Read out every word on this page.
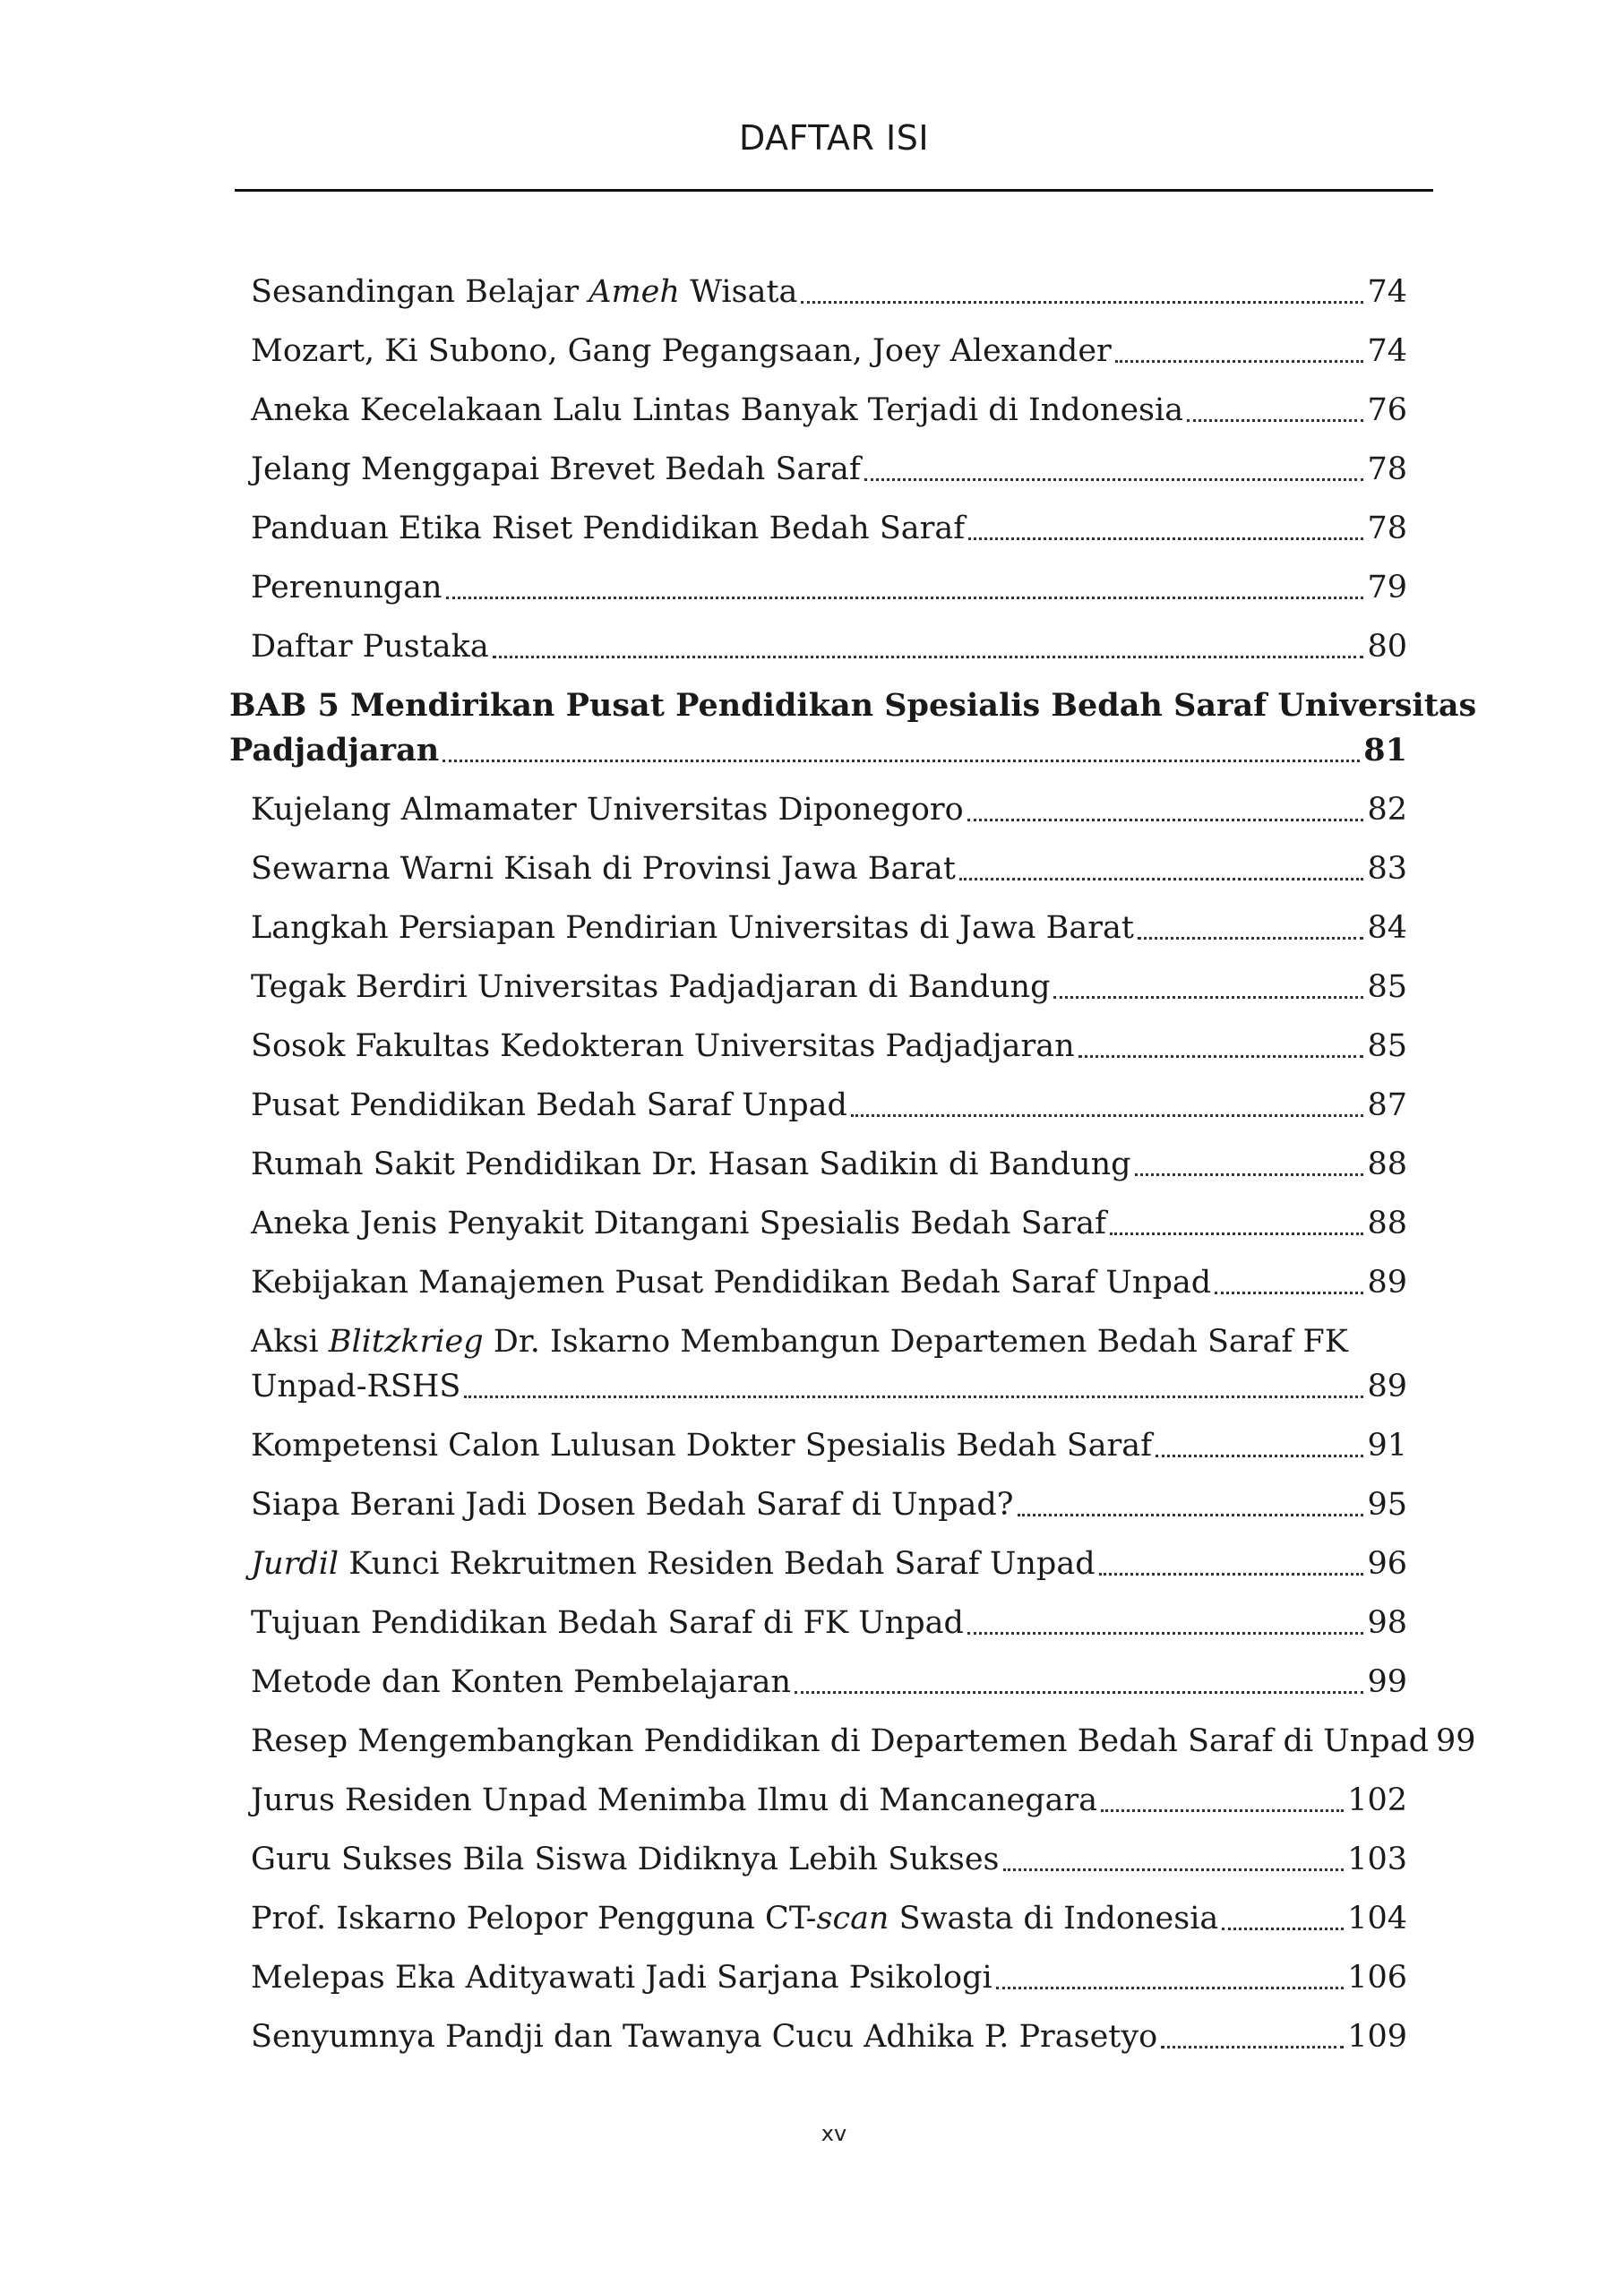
DAFTAR ISI
Sesandingan Belajar Ameh Wisata	74
Mozart, Ki Subono, Gang Pegangsaan, Joey Alexander	74
Aneka Kecelakaan Lalu Lintas Banyak Terjadi di Indonesia	76
Jelang Menggapai Brevet Bedah Saraf	78
Panduan Etika Riset Pendidikan Bedah Saraf	78
Perenungan	79
Daftar Pustaka	80
BAB 5 Mendirikan Pusat Pendidikan Spesialis Bedah Saraf Universitas
Padjadjaran	81
Kujelang Almamater Universitas Diponegoro	82
Sewarna Warni Kisah di Provinsi Jawa Barat	83
Langkah Persiapan Pendirian Universitas di Jawa Barat	84
Tegak Berdiri Universitas Padjadjaran di Bandung	85
Sosok Fakultas Kedokteran Universitas Padjadjaran	85
Pusat Pendidikan Bedah Saraf Unpad	87
Rumah Sakit Pendidikan Dr. Hasan Sadikin di Bandung	88
Aneka Jenis Penyakit Ditangani Spesialis Bedah Saraf	88
Kebijakan Manajemen Pusat Pendidikan Bedah Saraf Unpad	89
Aksi Blitzkrieg Dr. Iskarno Membangun Departemen Bedah Saraf FK
Unpad-RSHS	89
Kompetensi Calon Lulusan Dokter Spesialis Bedah Saraf	91
Siapa Berani Jadi Dosen Bedah Saraf di Unpad?	95
Jurdil Kunci Rekruitmen Residen Bedah Saraf Unpad	96
Tujuan Pendidikan Bedah Saraf di FK Unpad	98
Metode dan Konten Pembelajaran	99
Resep Mengembangkan Pendidikan di Departemen Bedah Saraf di Unpad 99
Jurus Residen Unpad Menimba Ilmu di Mancanegara	102
Guru Sukses Bila Siswa Didiknya Lebih Sukses	103
Prof. Iskarno Pelopor Pengguna CT-scan Swasta di Indonesia	104
Melepas Eka Adityawati Jadi Sarjana Psikologi	106
Senyumnya Pandji dan Tawanya Cucu Adhika P. Prasetyo	109
xv
